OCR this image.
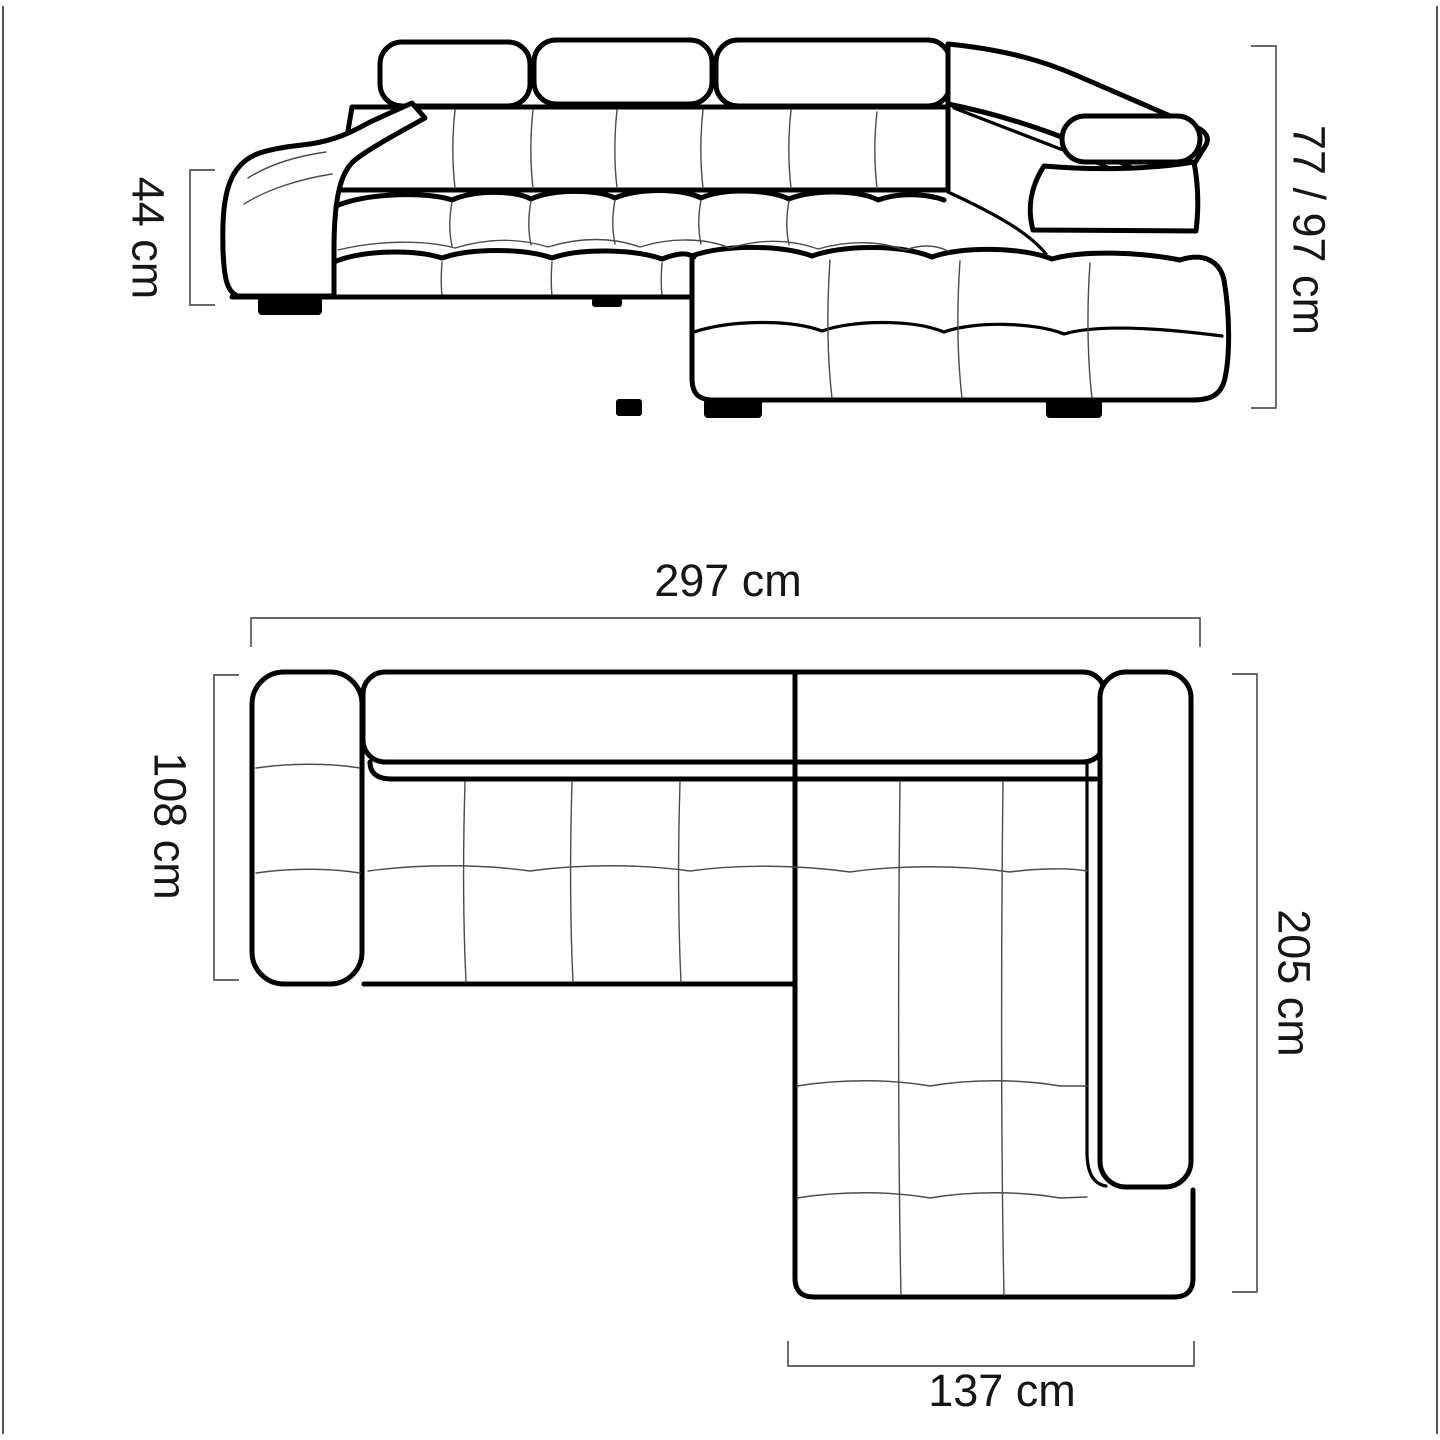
44 cm	77 / 97 cm
297 cm
108 cm
205 cm
137 cm
